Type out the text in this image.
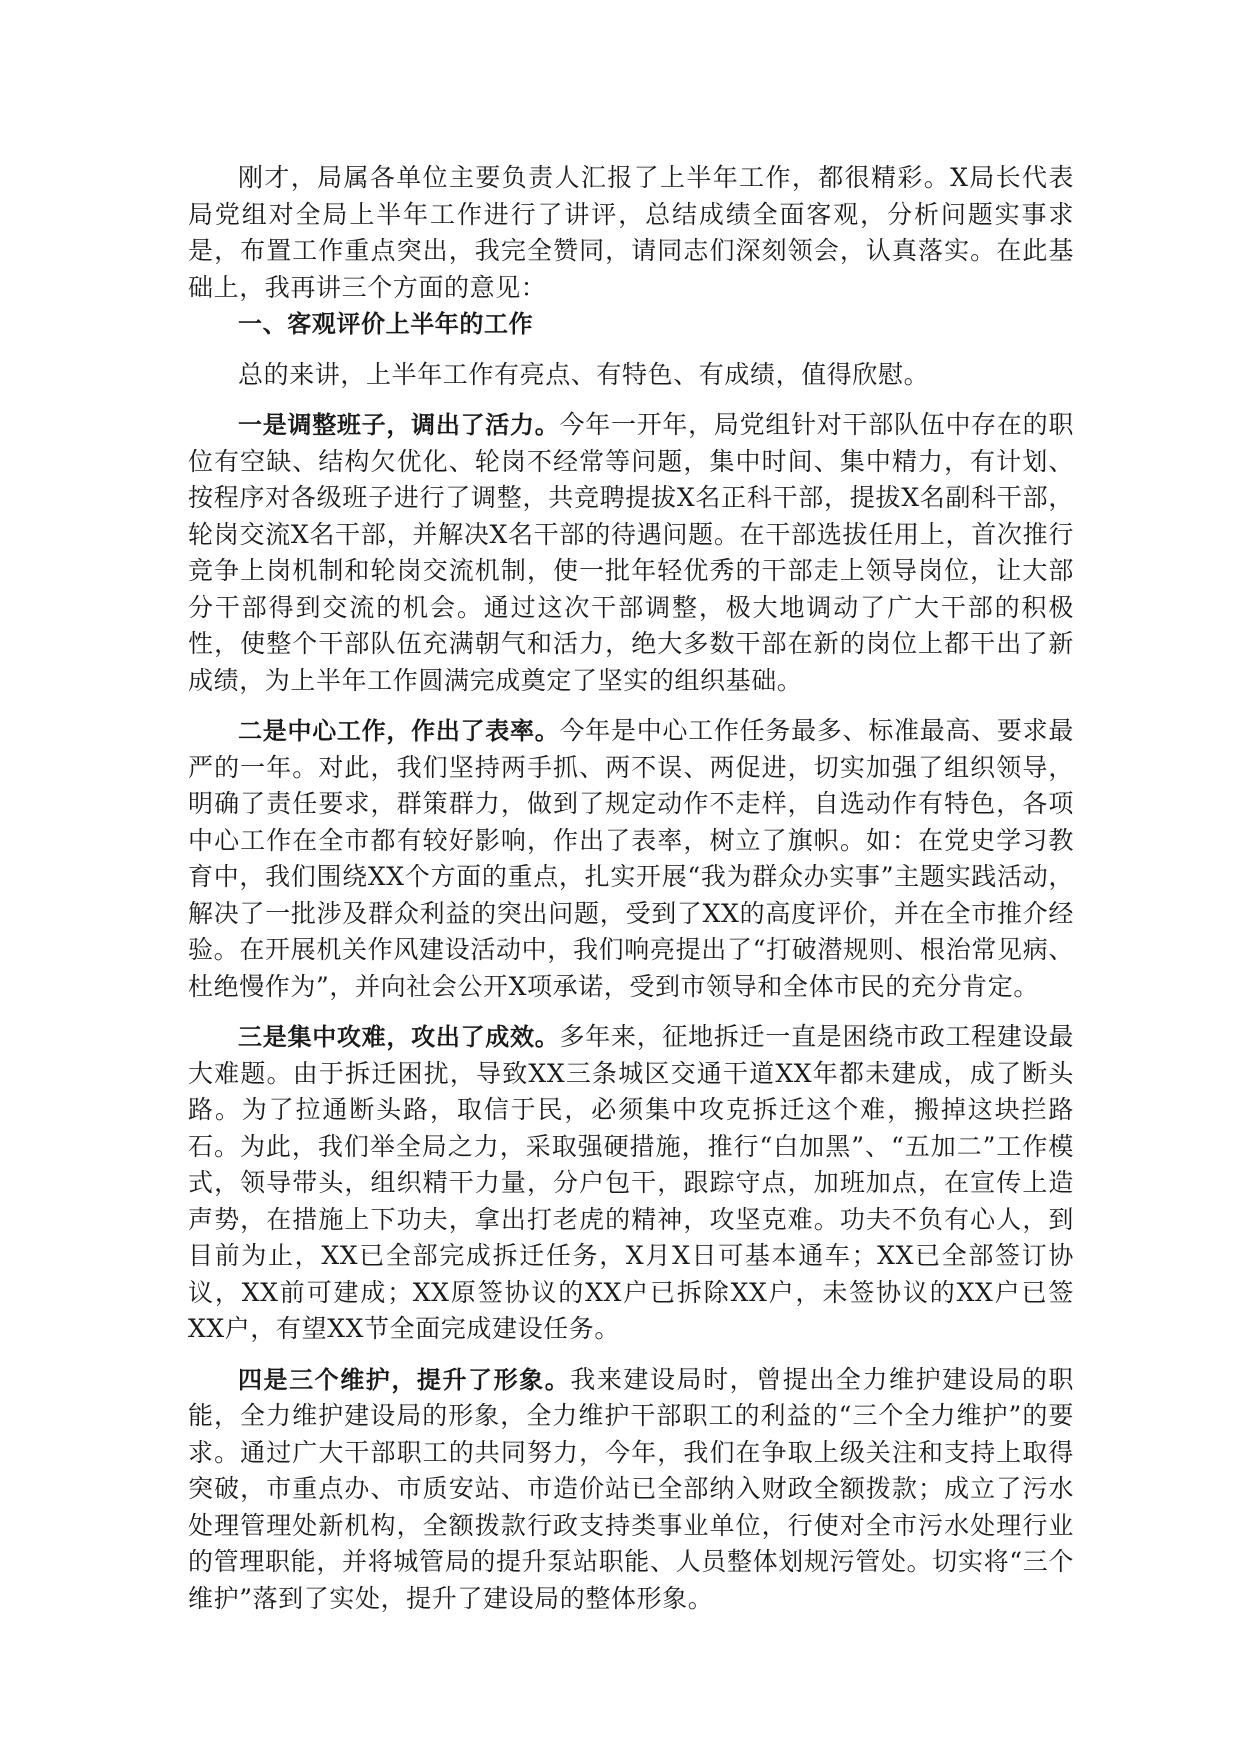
刚才，局属各单位主要负责人汇报了上半年工作，都很精彩。X局长代表局党组对全局上半年工作进行了讲评，总结成绩全面客观，分析问题实事求是，布置工作重点突出，我完全赞同，请同志们深刻领会，认真落实。在此基础上，我再讲三个方面的意见：

一、客观评价上半年的工作

总的来讲，上半年工作有亮点、有特色、有成绩，值得欣慰。

一是调整班子，调出了活力。今年一开年，局党组针对干部队伍中存在的职位有空缺、结构欠优化、轮岗不经常等问题，集中时间、集中精力，有计划、按程序对各级班子进行了调整，共竞聘提拔X名正科干部，提拔X名副科干部，轮岗交流X名干部，并解决X名干部的待遇问题。在干部选拔任用上，首次推行竞争上岗机制和轮岗交流机制，使一批年轻优秀的干部走上领导岗位，让大部分干部得到交流的机会。通过这次干部调整，极大地调动了广大干部的积极性，使整个干部队伍充满朝气和活力，绝大多数干部在新的岗位上都干出了新成绩，为上半年工作圆满完成奠定了坚实的组织基础。

二是中心工作，作出了表率。今年是中心工作任务最多、标准最高、要求最严的一年。对此，我们坚持两手抓、两不误、两促进，切实加强了组织领导，明确了责任要求，群策群力，做到了规定动作不走样，自选动作有特色，各项中心工作在全市都有较好影响，作出了表率，树立了旗帜。如：在党史学习教育中，我们围绕XX个方面的重点，扎实开展“我为群众办实事”主题实践活动，解决了一批涉及群众利益的突出问题，受到了XX的高度评价，并在全市推介经验。在开展机关作风建设活动中，我们响亮提出了“打破潜规则、根治常见病、杜绝慢作为”，并向社会公开X项承诺，受到市领导和全体市民的充分肯定。

三是集中攻难，攻出了成效。多年来，征地拆迁一直是困绕市政工程建设最大难题。由于拆迁困扰，导致XX三条城区交通干道XX年都未建成，成了断头路。为了拉通断头路，取信于民，必须集中攻克拆迁这个难，搬掉这块拦路石。为此，我们举全局之力，采取强硬措施，推行“白加黑”、“五加二”工作模式，领导带头，组织精干力量，分户包干，跟踪守点，加班加点，在宣传上造声势，在措施上下功夫，拿出打老虎的精神，攻坚克难。功夫不负有心人，到目前为止，XX已全部完成拆迁任务，X月X日可基本通车；XX已全部签订协议，XX前可建成；XX原签协议的XX户已拆除XX户，未签协议的XX户已签XX户，有望XX节全面完成建设任务。

四是三个维护，提升了形象。我来建设局时，曾提出全力维护建设局的职能，全力维护建设局的形象，全力维护干部职工的利益的“三个全力维护”的要求。通过广大干部职工的共同努力，今年，我们在争取上级关注和支持上取得突破，市重点办、市质安站、市造价站已全部纳入财政全额拨款；成立了污水处理管理处新机构，全额拨款行政支持类事业单位，行使对全市污水处理行业的管理职能，并将城管局的提升泵站职能、人员整体划规污管处。切实将“三个维护”落到了实处，提升了建设局的整体形象。
